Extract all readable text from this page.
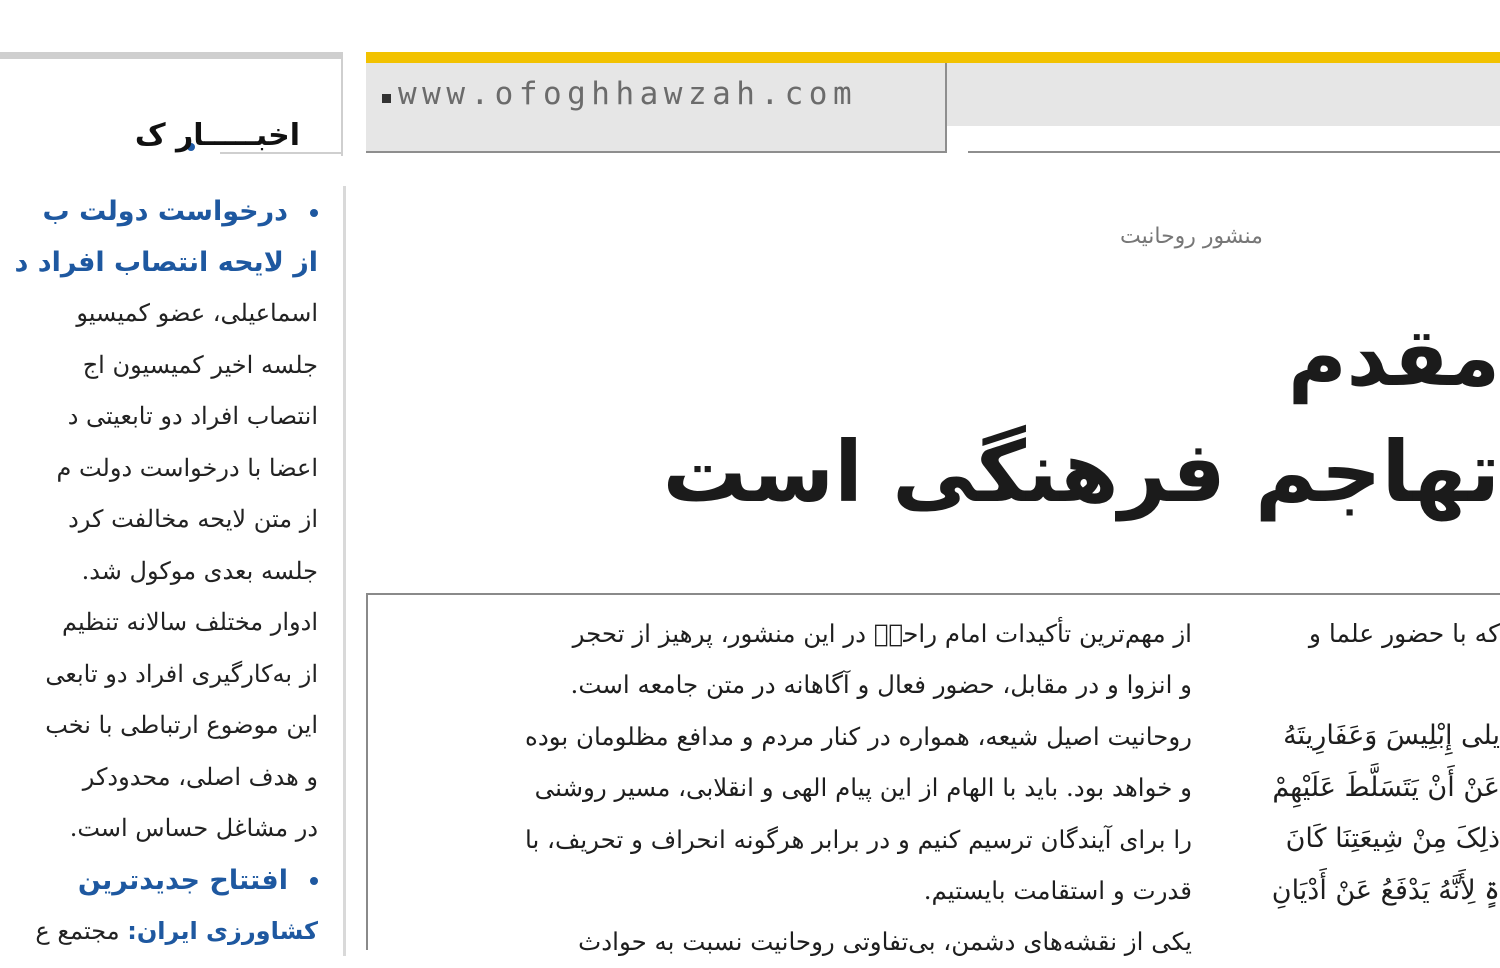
اخبـــــار ک

درخواست دولت ب

از لایحه انتصاب افراد د

اسماعیلی، عضو کمیسیو

جلسه اخیر کمیسیون اج

انتصاب افراد دو تابعیتی د

اعضا با درخواست دولت م

از متن لایحه مخالفت کرد

جلسه بعدی موکول شد.

ادوار مختلف سالانه تنظیم

از به‌کارگیری افراد دو تابعی

این موضوع ارتباطی با نخب

و هدف اصلی، محدودکر

در مشاغل حساس است.

افتتاح جدیدترین

کشاورزی ایران: مجتمع ع

www.ofoghhawzah.com
منشور روحانیت

مقدم

تهاجم فرهنگی است

از مهم‌ترین تأکیدات امام راحلؒ در این منشور، پرهیز از تحجر

و انزوا و در مقابل، حضور فعال و آگاهانه در متن جامعه است.

روحانیت اصیل شیعه، همواره در کنار مردم و مدافع مظلومان بوده

و خواهد بود. باید با الهام از این پیام الهی و انقلابی، مسیر روشنی

را برای آیندگان ترسیم کنیم و در برابر هرگونه انحراف و تحریف، با

قدرت و استقامت بایستیم.

یکی از نقشه‌های دشمن، بی‌تفاوتی روحانیت نسبت به حوادث

که با حضور علما و

یلی إِبْلِیسَ وَعَفَارِیتَهُ

عَنْ أَنْ یَتَسَلَّطَ عَلَیْهِمْ

ذلِکَ مِنْ شِیعَتِنَا کَانَ

ۃٍ لِأَنَّهُ یَدْفَعُ عَنْ أَدْیَانِ
